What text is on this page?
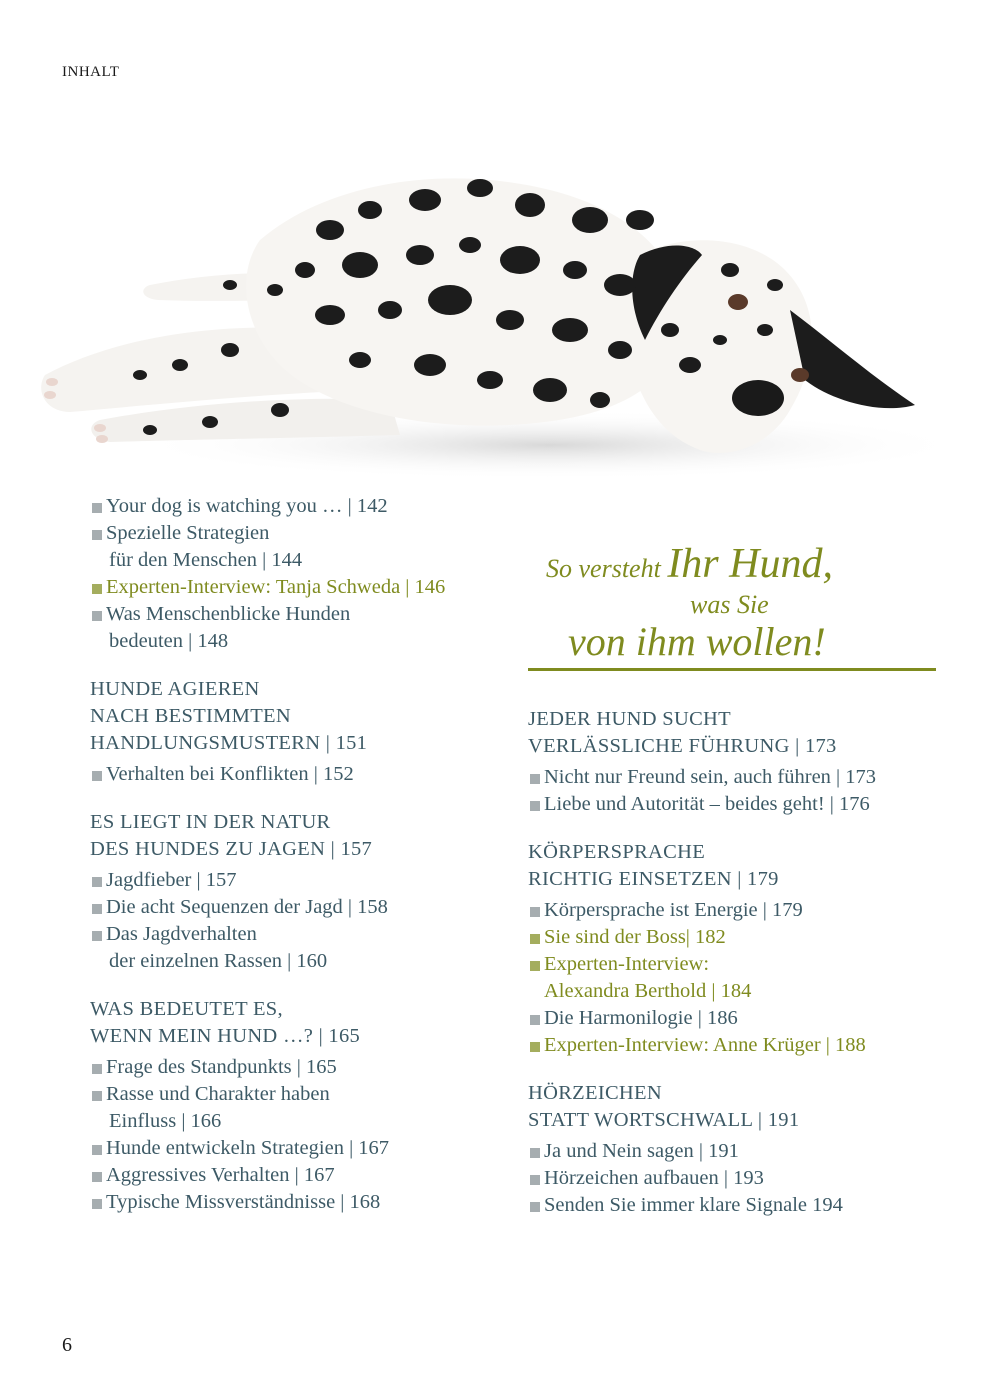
INHALT
Your dog is watching you … | 142
Spezielle Strategien
für den Menschen | 144
Experten-Interview: Tanja Schweda | 146
Was Menschenblicke Hunden
bedeuten | 148
HUNDE AGIEREN
NACH BESTIMMTEN
HANDLUNGSMUSTERN | 151
Verhalten bei Konflikten | 152
ES LIEGT IN DER NATUR
DES HUNDES ZU JAGEN | 157
Jagdfieber | 157
Die acht Sequenzen der Jagd | 158
Das Jagdverhalten
der einzelnen Rassen | 160
WAS BEDEUTET ES,
WENN MEIN HUND …? | 165
Frage des Standpunkts | 165
Rasse und Charakter haben
Einfluss | 166
Hunde entwickeln Strategien | 167
Aggressives Verhalten | 167
Typische Missverständnisse | 168
So versteht Ihr Hund,
was Sie
von ihm wollen!
JEDER HUND SUCHT
VERLÄSSLICHE FÜHRUNG | 173
Nicht nur Freund sein, auch führen | 173
Liebe und Autorität – beides geht! | 176
KÖRPERSPRACHE
RICHTIG EINSETZEN | 179
Körpersprache ist Energie | 179
Sie sind der Boss| 182
Experten-Interview:
Alexandra Berthold | 184
Die Harmonilogie | 186
Experten-Interview: Anne Krüger | 188
HÖRZEICHEN
STATT WORTSCHWALL | 191
Ja und Nein sagen | 191
Hörzeichen aufbauen | 193
Senden Sie immer klare Signale 194
6
